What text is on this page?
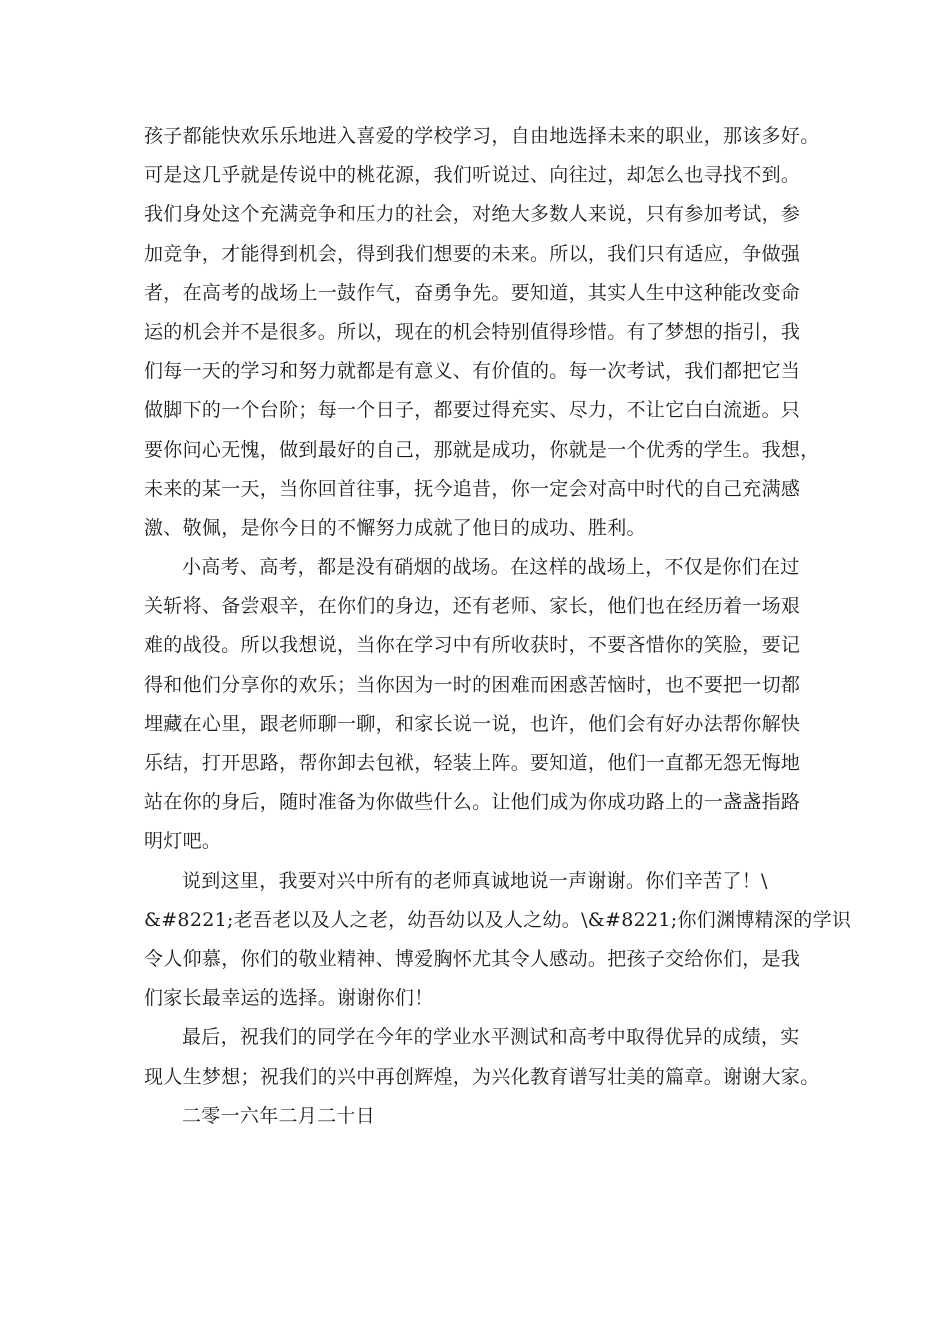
孩子都能快欢乐乐地进入喜爱的学校学习，自由地选择未来的职业，那该多好。
可是这几乎就是传说中的桃花源，我们听说过、向往过，却怎么也寻找不到。
我们身处这个充满竞争和压力的社会，对绝大多数人来说，只有参加考试，参
加竞争，才能得到机会，得到我们想要的未来。所以，我们只有适应，争做强
者，在高考的战场上一鼓作气，奋勇争先。要知道，其实人生中这种能改变命
运的机会并不是很多。所以，现在的机会特别值得珍惜。有了梦想的指引，我
们每一天的学习和努力就都是有意义、有价值的。每一次考试，我们都把它当
做脚下的一个台阶；每一个日子，都要过得充实、尽力，不让它白白流逝。只
要你问心无愧，做到最好的自己，那就是成功，你就是一个优秀的学生。我想，
未来的某一天，当你回首往事，抚今追昔，你一定会对高中时代的自己充满感
激、敬佩，是你今日的不懈努力成就了他日的成功、胜利。
小高考、高考，都是没有硝烟的战场。在这样的战场上，不仅是你们在过
关斩将、备尝艰辛，在你们的身边，还有老师、家长，他们也在经历着一场艰
难的战役。所以我想说，当你在学习中有所收获时，不要吝惜你的笑脸，要记
得和他们分享你的欢乐；当你因为一时的困难而困惑苦恼时，也不要把一切都
埋藏在心里，跟老师聊一聊，和家长说一说，也许，他们会有好办法帮你解快
乐结，打开思路，帮你卸去包袱，轻装上阵。要知道，他们一直都无怨无悔地
站在你的身后，随时准备为你做些什么。让他们成为你成功路上的一盏盏指路
明灯吧。
说到这里，我要对兴中所有的老师真诚地说一声谢谢。你们辛苦了！\
&#8221;老吾老以及人之老，幼吾幼以及人之幼。\&#8221;你们渊博精深的学识
令人仰慕，你们的敬业精神、博爱胸怀尤其令人感动。把孩子交给你们，是我
们家长最幸运的选择。谢谢你们！
最后，祝我们的同学在今年的学业水平测试和高考中取得优异的成绩，实
现人生梦想；祝我们的兴中再创辉煌，为兴化教育谱写壮美的篇章。谢谢大家。
二零一六年二月二十日
